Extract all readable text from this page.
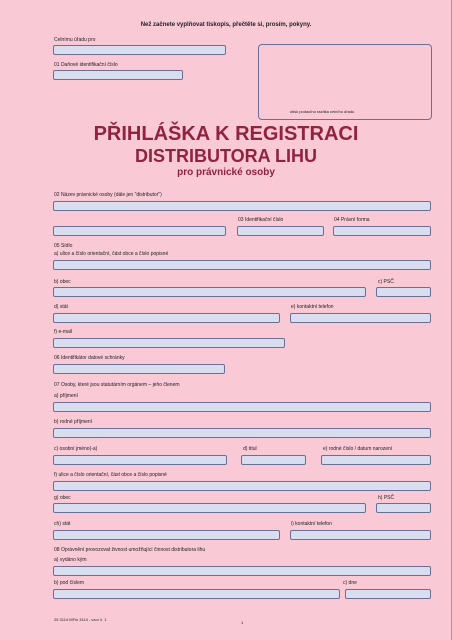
Než začnete vyplňovat tiskopis, přečtěte si, prosím, pokyny.
Celnímu úřadu pro
01 Daňové identifikační číslo
otisk podacího razítka celního úřadu
PŘIHLÁŠKA K REGISTRACI
DISTRIBUTORA LIHU
pro právnické osoby
02 Název právnické osoby (dále jen "distributor")
03 Identifikační číslo	04 Právní forma
05 Sídlo
a) ulice a číslo orientační, část obce a číslo popisné
b) obec	c) PSČ
d) stát	e) kontaktní telefon
f) e-mail
06 Identifikátor datové schránky
07 Osoby, které jsou statutárním orgánem – jeho členem
a) příjmení
b) rodné příjmení
c) osobní jméno(-a)	d) titul	e) rodné číslo / datum narození
f) ulice a číslo orientační, část obce a číslo popisné
g) obec	h) PSČ
ch) stát	i) kontaktní telefon
08 Oprávnění provozovat živnost umožňující činnost distributora lihu
a) vydáno kým
b) pod číslem	c) dne
25 3114 MFin 3114 - vzor č. 1
1
